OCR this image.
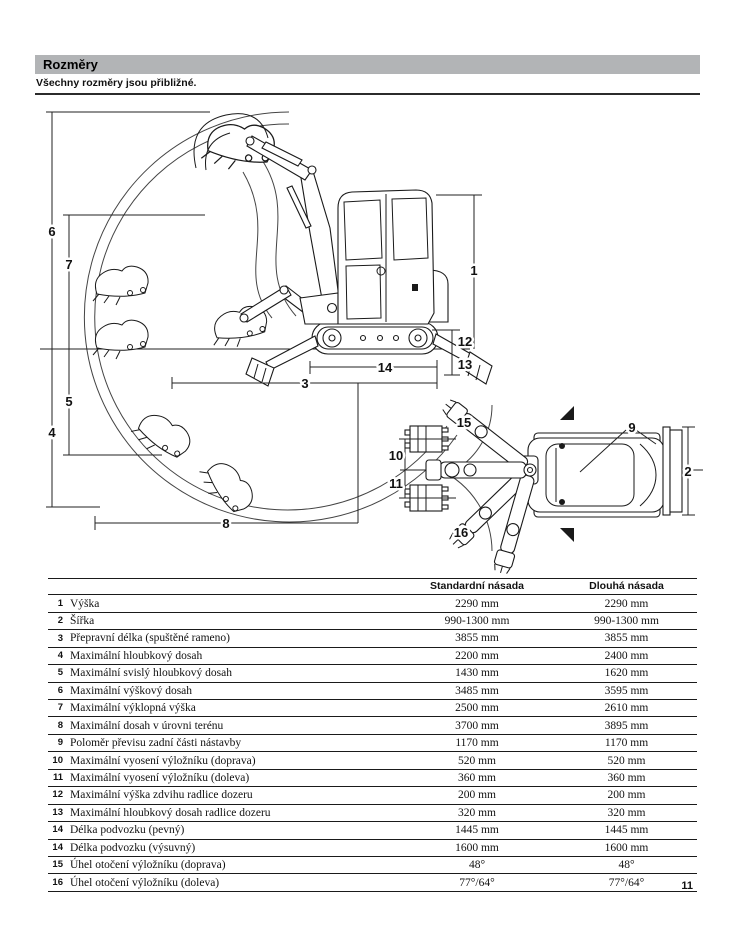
Rozměry
Všechny rozměry jsou přibližné.
6
7
5
4
8
1
12
13
14
3
15
10
11
9
2
16
		Standardní násada	Dlouhá násada
1	Výška	2290 mm	2290 mm
2	Šířka	990-1300 mm	990-1300 mm
3	Přepravní délka (spuštěné rameno)	3855 mm	3855 mm
4	Maximální hloubkový dosah	2200 mm	2400 mm
5	Maximální svislý hloubkový dosah	1430 mm	1620 mm
6	Maximální výškový dosah	3485 mm	3595 mm
7	Maximální výklopná výška	2500 mm	2610 mm
8	Maximální dosah v úrovni terénu	3700 mm	3895 mm
9	Poloměr převisu zadní části nástavby	1170 mm	1170 mm
10	Maximální vyosení výložníku (doprava)	520 mm	520 mm
11	Maximální vyosení výložníku (doleva)	360 mm	360 mm
12	Maximální výška zdvihu radlice dozeru	200 mm	200 mm
13	Maximální hloubkový dosah radlice dozeru	320 mm	320 mm
14	Délka podvozku (pevný)	1445 mm	1445 mm
14	Délka podvozku (výsuvný)	1600 mm	1600 mm
15	Úhel otočení výložníku (doprava)	48°	48°
16	Úhel otočení výložníku (doleva)	77°/64°	77°/64°	11
